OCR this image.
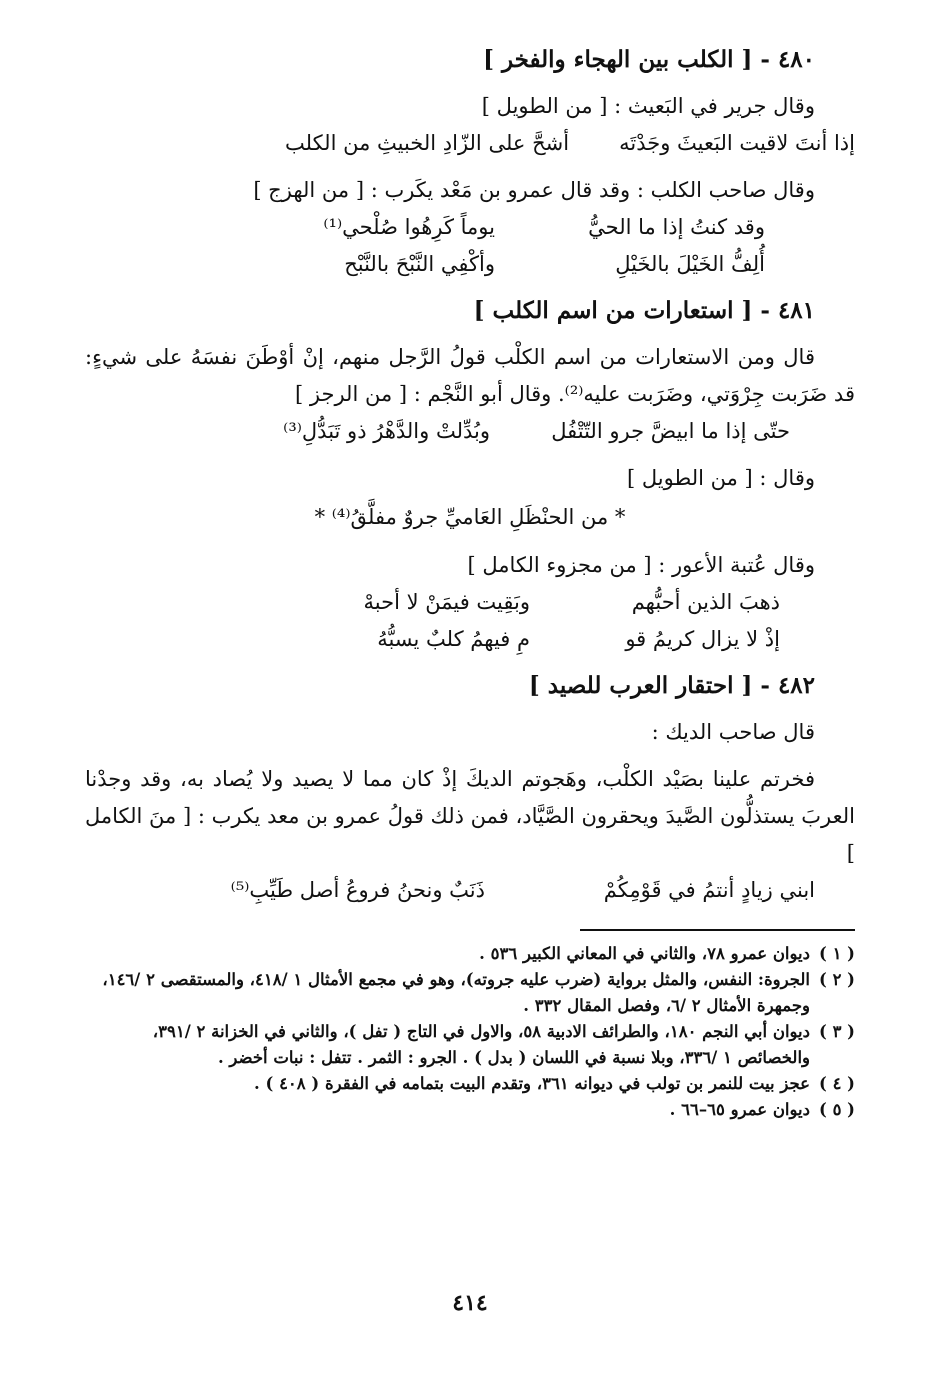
٤٨٠ - [ الكلب بين الهجاء والفخر ]

وقال جرير في البَعيث : [ من الطويل ]

إذا أنتَ لاقيت البَعيثَ وجَدْتَه
أشحَّ على الزّادِ الخبيثِ من الكلب

وقال صاحب الكلب : وقد قال عمرو بن مَعْد يكَرب : [ من الهزج ]

وقد كنتُ إذا ما الحيُّ
يوماً كَرِهُوا صُلْحي⁽¹⁾
أُلِفُّ الخَيْلَ بالخَيْلِ
وأكْفِي النَّبْحَ بالنَّبْح
٤٨١ - [ استعارات من اسم الكلب ]

قال ومن الاستعارات من اسم الكلْب قولُ الرَّجل منهم، إنْ أوْطَنَ نفسَهُ على شيءٍ: قد ضَرَبت جِرْوَتي، وضَرَبت عليه⁽²⁾. وقال أبو النَّجْم : [ من الرجز ]

حتّى إذا ما ابيضَّ جرو التّتْفُل
وبُدِّلتْ والدَّهْرُ ذو تَبَدُّلِ⁽³⁾

وقال : [ من الطويل ]

* من الحنْظَلِ العَاميِّ جروٌ مفلَّقُ⁽⁴⁾ *

وقال عُتبة الأعور : [ من مجزوء الكامل ]

ذهبَ الذين أحبُّهم
وبَقِيت فيمَنْ لا أحبهْ
إذْ لا يزال كريمُ قو
مِ فيهمُ كلبٌ يسبُّهُ
٤٨٢ - [ احتقار العرب للصيد ]

قال صاحب الديك :

فخرتم علينا بصَيْد الكلْب، وهَجوتم الديكَ إذْ كان مما لا يصيد ولا يُصاد به، وقد وجدْنا العربَ يستذلُّون الصَّيدَ ويحقرون الصَّيَّاد، فمن ذلك قولُ عمرو بن معد يكرب : [ منَ الكامل ]

ابني زيادٍ أنتمُ في قَوْمِكُمْ
ذَنَبٌ ونحنُ فروعُ أصل طَيِّبِ⁽⁵⁾

( ١ )
ديوان عمرو ٧٨، والثاني في المعاني الكبير ٥٣٦ .

( ٢ )
الجروة: النفس، والمثل برواية (ضرب عليه جروته)، وهو في مجمع الأمثال ١ /٤١٨، والمستقصى ٢ /١٤٦، وجمهرة الأمثال ٢ /٦، وفصل المقال ٣٣٢ .

( ٣ )
ديوان أبي النجم ١٨٠، والطرائف الادبية ٥٨، والاول في التاج ( تفل )، والثاني في الخزانة ٢ /٣٩١، والخصائص ١ /٣٣٦، وبلا نسبة في اللسان ( بدل ) . الجرو : الثمر . تتفل : نبات أخضر .

( ٤ )
عجز بيت للنمر بن تولب في ديوانه ٣٦١، وتقدم البيت بتمامه في الفقرة ( ٤٠٨ ) .

( ٥ )
ديوان عمرو ٦٥–٦٦ .

٤١٤
